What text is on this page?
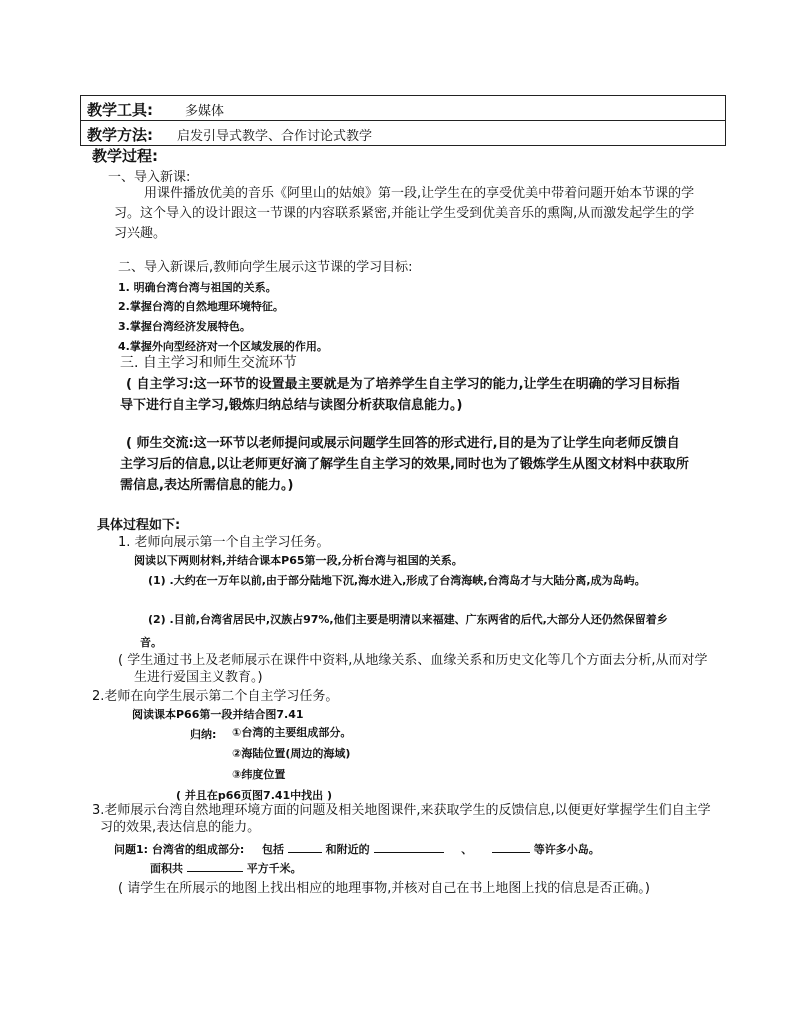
教学工具: 多媒体
教学方法: 启发引导式教学、合作讨论式教学
教学过程:
一、导入新课:
用课件播放优美的音乐《阿里山的姑娘》第一段,让学生在的享受优美中带着问题开始本节课的学习。这个导入的设计跟这一节课的内容联系紧密,并能让学生受到优美音乐的熏陶,从而激发起学生的学习兴趣。
二、导入新课后,教师向学生展示这节课的学习目标:
1. 明确台湾台湾与祖国的关系。
2.掌握台湾的自然地理环境特征。
3.掌握台湾经济发展特色。
4.掌握外向型经济对一个区域发展的作用。
三. 自主学习和师生交流环节
( 自主学习:这一环节的设置最主要就是为了培养学生自主学习的能力,让学生在明确的学习目标指导下进行自主学习,锻炼归纳总结与读图分析获取信息能力。)
( 师生交流:这一环节以老师提问或展示问题学生回答的形式进行,目的是为了让学生向老师反馈自主学习后的信息,以让老师更好滴了解学生自主学习的效果,同时也为了锻炼学生从图文材料中获取所需信息,表达所需信息的能力。)
具体过程如下:
1. 老师向展示第一个自主学习任务。
阅读以下两则材料,并结合课本P65第一段,分析台湾与祖国的关系。
(1) .大约在一万年以前,由于部分陆地下沉,海水进入,形成了台湾海峡,台湾岛才与大陆分离,成为岛屿。
(2) .目前,台湾省居民中,汉族占97%,他们主要是明清以来福建、广东两省的后代,大部分人还仍然保留着乡音。
( 学生通过书上及老师展示在课件中资料,从地缘关系、血缘关系和历史文化等几个方面去分析,从而对学生进行爱国主义教育。)
2.老师在向学生展示第二个自主学习任务。
阅读课本P66第一段并结合图7.41
归纳: ①台湾的主要组成部分。
②海陆位置(周边的海域)
③纬度位置
( 并且在p66页图7.41中找出 )
3.老师展示台湾自然地理环境方面的问题及相关地图课件,来获取学生的反馈信息,以便更好掌握学生们自主学习的效果,表达信息的能力。
问题1: 台湾省的组成部分: 包括	和附近的	、	等许多小岛。
面积共	平方千米。
( 请学生在所展示的地图上找出相应的地理事物,并核对自己在书上地图上找的信息是否正确。)
